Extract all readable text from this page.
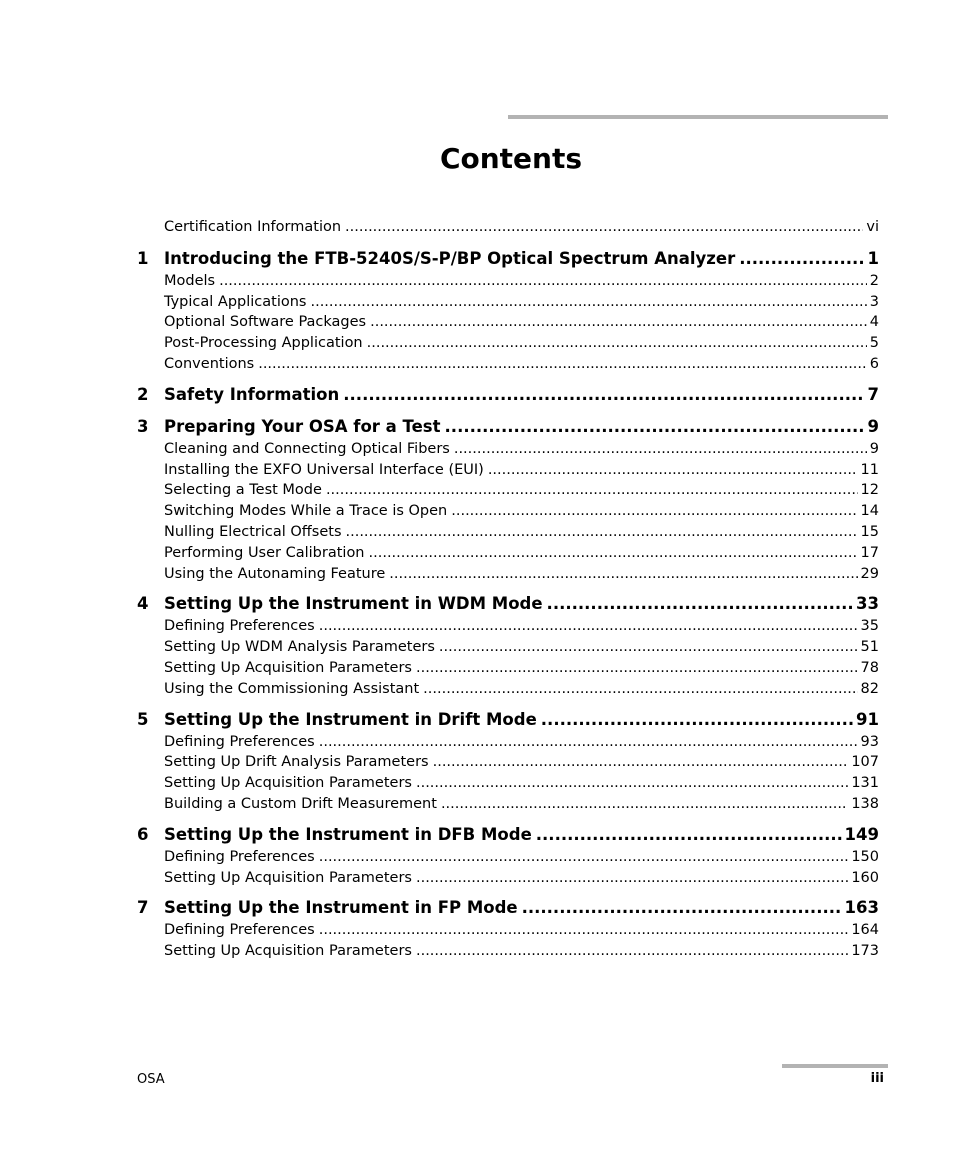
Contents
Certification Information .....	vi
1 Introducing the FTB-5240S/S-P/BP Optical Spectrum Analyzer .....	1
Models .....	2
Typical Applications .....	3
Optional Software Packages .....	4
Post-Processing Application .....	5
Conventions .....	6
2 Safety Information .....	7
3 Preparing Your OSA for a Test .....	9
Cleaning and Connecting Optical Fibers .....	9
Installing the EXFO Universal Interface (EUI) .....	11
Selecting a Test Mode .....	12
Switching Modes While a Trace is Open .....	14
Nulling Electrical Offsets .....	15
Performing User Calibration .....	17
Using the Autonaming Feature .....	29
4 Setting Up the Instrument in WDM Mode .....	33
Defining Preferences .....	35
Setting Up WDM Analysis Parameters .....	51
Setting Up Acquisition Parameters .....	78
Using the Commissioning Assistant .....	82
5 Setting Up the Instrument in Drift Mode .....	91
Defining Preferences .....	93
Setting Up Drift Analysis Parameters .....	107
Setting Up Acquisition Parameters .....	131
Building a Custom Drift Measurement .....	138
6 Setting Up the Instrument in DFB Mode .....	149
Defining Preferences .....	150
Setting Up Acquisition Parameters .....	160
7 Setting Up the Instrument in FP Mode .....	163
Defining Preferences .....	164
Setting Up Acquisition Parameters .....	173
OSA	iii
